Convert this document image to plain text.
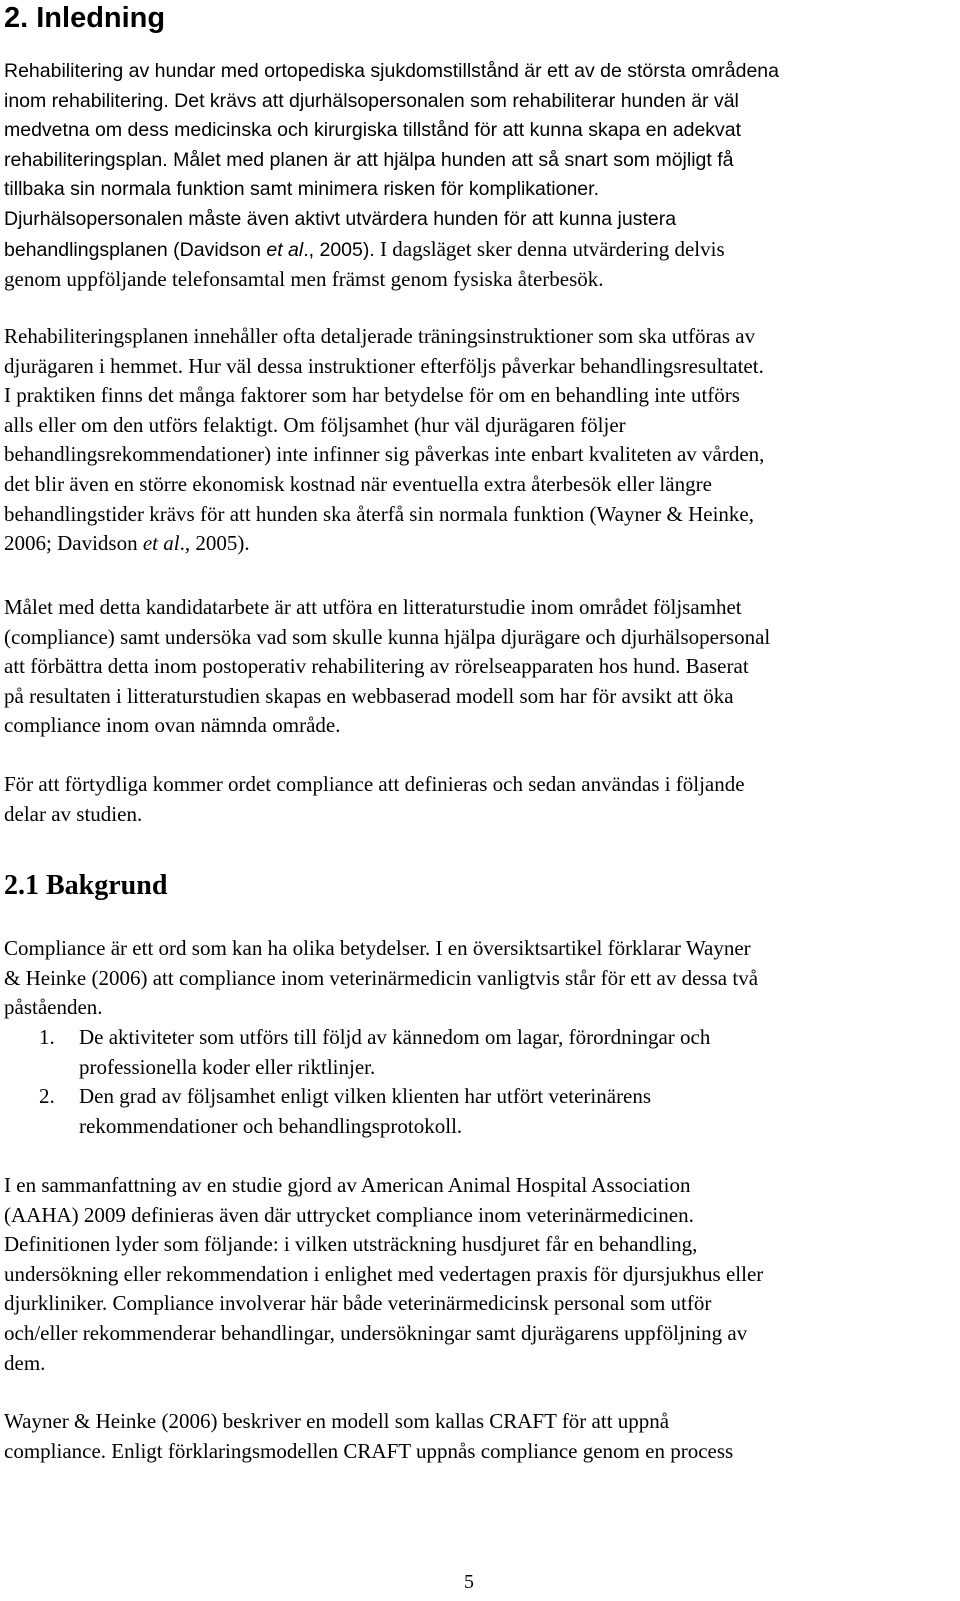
2. Inledning
Rehabilitering av hundar med ortopediska sjukdomstillstånd är ett av de största områdena
inom rehabilitering. Det krävs att djurhälsopersonalen som rehabiliterar hunden är väl
medvetna om dess medicinska och kirurgiska tillstånd för att kunna skapa en adekvat
rehabiliteringsplan. Målet med planen är att hjälpa hunden att så snart som möjligt få
tillbaka sin normala funktion samt minimera risken för komplikationer.
Djurhälsopersonalen måste även aktivt utvärdera hunden för att kunna justera
behandlingsplanen (Davidson et al., 2005). I dagsläget sker denna utvärdering delvis
genom uppföljande telefonsamtal men främst genom fysiska återbesök.
Rehabiliteringsplanen innehåller ofta detaljerade träningsinstruktioner som ska utföras av
djurägaren i hemmet. Hur väl dessa instruktioner efterföljs påverkar behandlingsresultatet.
I praktiken finns det många faktorer som har betydelse för om en behandling inte utförs
alls eller om den utförs felaktigt. Om följsamhet (hur väl djurägaren följer
behandlingsrekommendationer) inte infinner sig påverkas inte enbart kvaliteten av vården,
det blir även en större ekonomisk kostnad när eventuella extra återbesök eller längre
behandlingstider krävs för att hunden ska återfå sin normala funktion (Wayner & Heinke,
2006; Davidson et al., 2005).
Målet med detta kandidatarbete är att utföra en litteraturstudie inom området följsamhet
(compliance) samt undersöka vad som skulle kunna hjälpa djurägare och djurhälsopersonal
att förbättra detta inom postoperativ rehabilitering av rörelseapparaten hos hund. Baserat
på resultaten i litteraturstudien skapas en webbaserad modell som har för avsikt att öka
compliance inom ovan nämnda område.
För att förtydliga kommer ordet compliance att definieras och sedan användas i följande
delar av studien.
2.1 Bakgrund
Compliance är ett ord som kan ha olika betydelser. I en översiktsartikel förklarar Wayner
& Heinke (2006) att compliance inom veterinärmedicin vanligtvis står för ett av dessa två
påståenden.
1. De aktiviteter som utförs till följd av kännedom om lagar, förordningar och
professionella koder eller riktlinjer.
2. Den grad av följsamhet enligt vilken klienten har utfört veterinärens
rekommendationer och behandlingsprotokoll.
I en sammanfattning av en studie gjord av American Animal Hospital Association
(AAHA) 2009 definieras även där uttrycket compliance inom veterinärmedicinen.
Definitionen lyder som följande: i vilken utsträckning husdjuret får en behandling,
undersökning eller rekommendation i enlighet med vedertagen praxis för djursjukhus eller
djurkliniker. Compliance involverar här både veterinärmedicinsk personal som utför
och/eller rekommenderar behandlingar, undersökningar samt djurägarens uppföljning av
dem.
Wayner & Heinke (2006) beskriver en modell som kallas CRAFT för att uppnå
compliance. Enligt förklaringsmodellen CRAFT uppnås compliance genom en process
5
